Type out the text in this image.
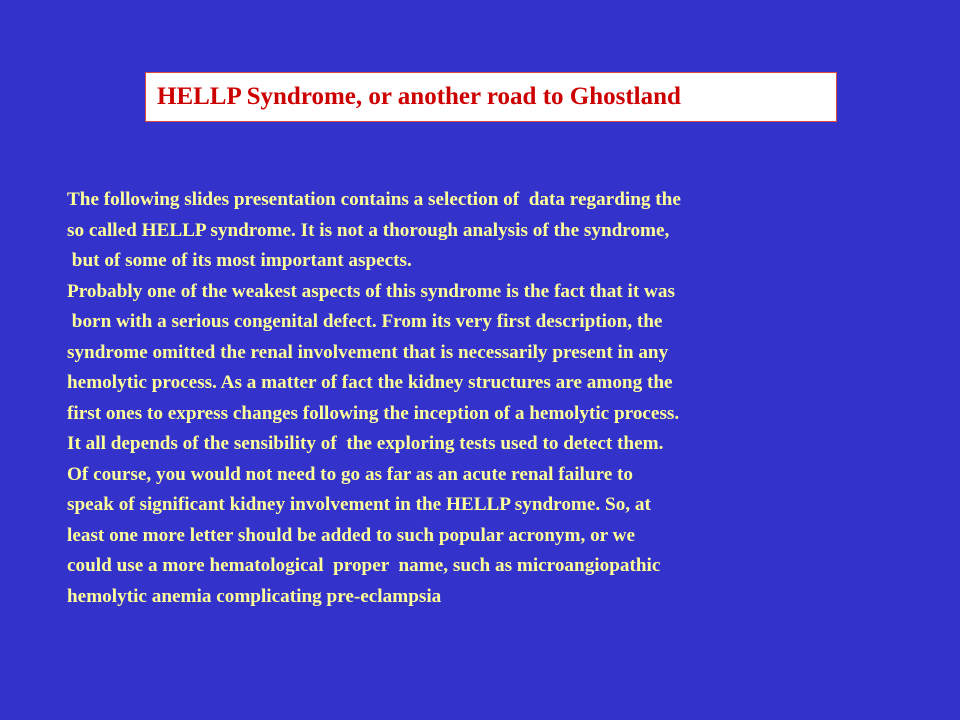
HELLP Syndrome, or another road to Ghostland
The following slides presentation contains a selection of  data regarding the
so called HELLP syndrome. It is not a thorough analysis of the syndrome,
but of some of its most important aspects.
Probably one of the weakest aspects of this syndrome is the fact that it was
born with a serious congenital defect. From its very first description, the
syndrome omitted the renal involvement that is necessarily present in any
hemolytic process. As a matter of fact the kidney structures are among the
first ones to express changes following the inception of a hemolytic process.
It all depends of the sensibility of  the exploring tests used to detect them.
Of course, you would not need to go as far as an acute renal failure to
speak of significant kidney involvement in the HELLP syndrome. So, at
least one more letter should be added to such popular acronym, or we
could use a more hematological  proper  name, such as microangiopathic
hemolytic anemia complicating pre-eclampsia
